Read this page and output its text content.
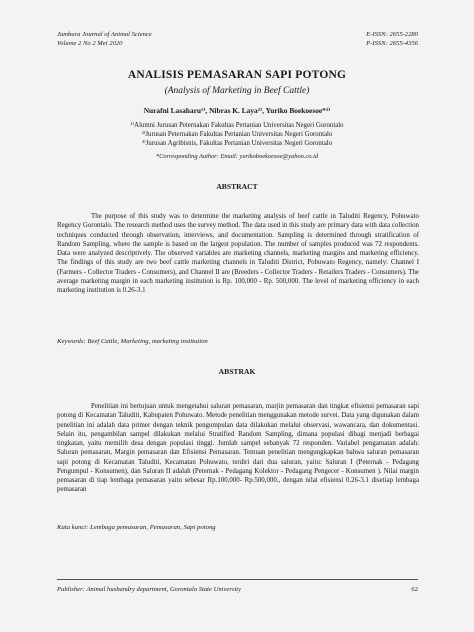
Jambura Journal of Animal Science
Volume 2 No 2 Mei 2020
E-ISSN: 2655-2280
P-ISSN: 2655-4356
ANALISIS PEMASARAN SAPI POTONG
(Analysis of Marketing in Beef Cattle)
Nurafni Lasaharu¹⁾, Nibras K. Laya²⁾, Yuriko Boekoesoe*³⁾
¹⁾Alumni Jurusan Peternakan Fakultas Pertanian Universitas Negeri Gorontalo
²⁾Jurusan Peternakan Fakultas Pertanian Universitas Negeri Gorontalo
³⁾Jurusan Agribisnis, Fakultas Pertanian Universitas Negeri Gorontalo
*Corresponding Author: Email: yurikoboekoesoe@yahoo.co.id
ABSTRACT

The purpose of this study was to determine the marketing analysis of beef cattle in Taluditi Regency, Pohuwato Regency Gorontalo. The research method uses the survey method. The data used in this study are primary data with data collection techniques conducted through observation, interviews, and documentation. Sampling is determined through stratification of Random Sampling, where the sample is based on the largest population. The number of samples produced was 72 respondents. Data were analyzed descriptively. The observed variables are marketing channels, marketing margins and marketing efficiency. The findings of this study are two beef cattle marketing channels in Taluditi District, Pohuwato Regency, namely: Channel I (Farmers - Collector Traders - Consumers), and Channel II are (Breeders - Collector Traders - Retailers Traders - Consumers). The average marketing margin in each marketing institution is Rp. 100,000 - Rp. 500,000. The level of marketing efficiency in each marketing institution is 0.26-3.1

Keywords: Beef Cattle, Marketing, marketing institution
ABSTRAK

Penelitian ini bertujuan untuk mengetahui saluran pemasaran, marjin pemasaran dan tingkat efisiensi pemasaran sapi potong di Kecamatan Taluditi, Kabupaten Pohuwato. Metode penelitian menggunakan metode survei. Data yang digunakan dalam penelitian ini adalah data primer dengan teknik pengumpulan data dilakukan melalui observasi, wawancara, dan dokumentasi. Selain itu, pengambilan sampel dilakukan melalui Stratified Random Sampling, dimana populasi dibagi menjadi berbagai tingkatan, yaitu memilih desa dengan populasi tinggi. Jumlah sampel sebanyak 72 responden. Variabel pengamatan adalah: Saluran pemasaran, Margin pemasaran dan Efisiensi Pemasaran. Temuan penelitian mengungkapkan bahwa saluran pemasaran sapi potong di Kecamatan Taluditi, Kecamatan Pohuwato, terdiri dari dua saluran, yaitu: Saluran I (Peternak - Pedagang Pengumpul - Konsumen), dan Saluran II adalah (Peternak - Pedagang Kolektor - Pedagang Pengecer - Konsumen ). Nilai margin pemasaran di tiap lembaga pemasaran yaitu sebesar Rp.100,000- Rp.500,000., dengan nilai efisiensi 0.26-3.1 disetiap lembaga pemasaran

Kata kunci: Lembaga pemasaran, Pemasaran, Sapi potong
Publisher: Animal husbandry department, Gorontalo State University	62
